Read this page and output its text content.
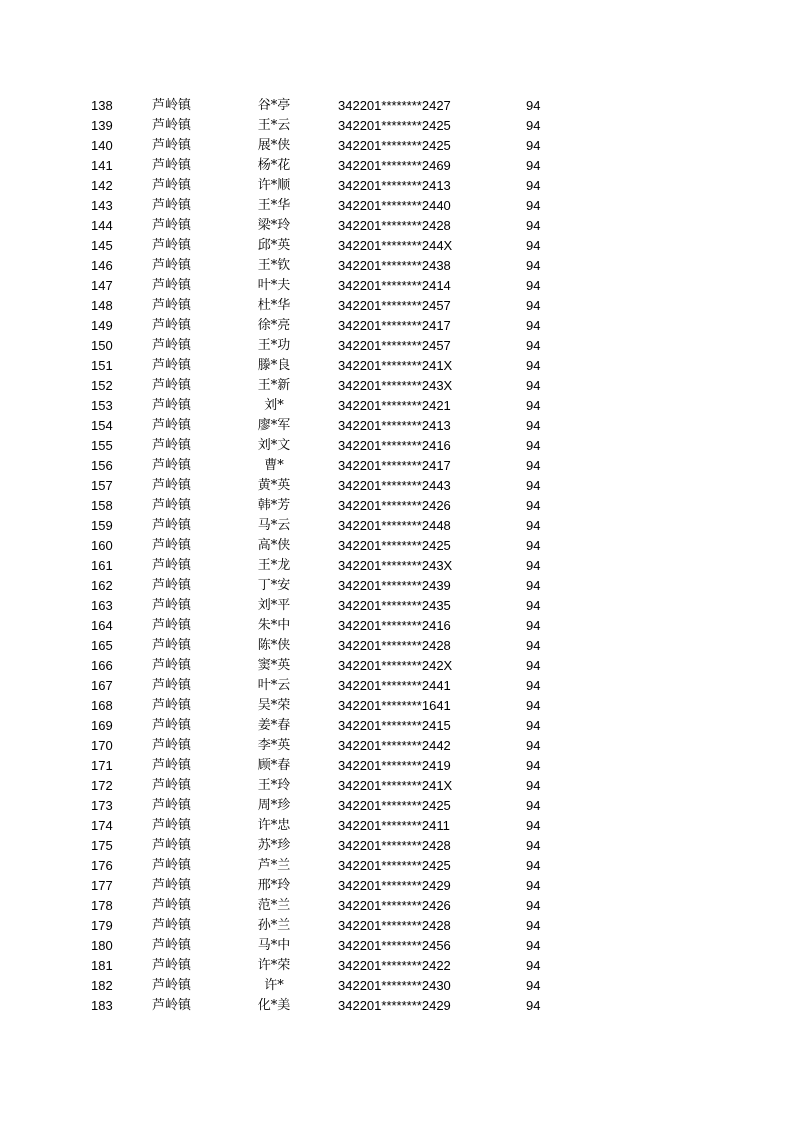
138	芦岭镇	谷*亭	342201********2427	94
139	芦岭镇	王*云	342201********2425	94
140	芦岭镇	展*侠	342201********2425	94
141	芦岭镇	杨*花	342201********2469	94
142	芦岭镇	许*顺	342201********2413	94
143	芦岭镇	王*华	342201********2440	94
144	芦岭镇	梁*玲	342201********2428	94
145	芦岭镇	邱*英	342201********244X	94
146	芦岭镇	王*钦	342201********2438	94
147	芦岭镇	叶*夫	342201********2414	94
148	芦岭镇	杜*华	342201********2457	94
149	芦岭镇	徐*亮	342201********2417	94
150	芦岭镇	王*功	342201********2457	94
151	芦岭镇	滕*良	342201********241X	94
152	芦岭镇	王*新	342201********243X	94
153	芦岭镇	刘*	342201********2421	94
154	芦岭镇	廖*军	342201********2413	94
155	芦岭镇	刘*文	342201********2416	94
156	芦岭镇	曹*	342201********2417	94
157	芦岭镇	黄*英	342201********2443	94
158	芦岭镇	韩*芳	342201********2426	94
159	芦岭镇	马*云	342201********2448	94
160	芦岭镇	高*侠	342201********2425	94
161	芦岭镇	王*龙	342201********243X	94
162	芦岭镇	丁*安	342201********2439	94
163	芦岭镇	刘*平	342201********2435	94
164	芦岭镇	朱*中	342201********2416	94
165	芦岭镇	陈*侠	342201********2428	94
166	芦岭镇	窦*英	342201********242X	94
167	芦岭镇	叶*云	342201********2441	94
168	芦岭镇	吴*荣	342201********1641	94
169	芦岭镇	姜*春	342201********2415	94
170	芦岭镇	李*英	342201********2442	94
171	芦岭镇	顾*春	342201********2419	94
172	芦岭镇	王*玲	342201********241X	94
173	芦岭镇	周*珍	342201********2425	94
174	芦岭镇	许*忠	342201********2411	94
175	芦岭镇	苏*珍	342201********2428	94
176	芦岭镇	芦*兰	342201********2425	94
177	芦岭镇	邢*玲	342201********2429	94
178	芦岭镇	范*兰	342201********2426	94
179	芦岭镇	孙*兰	342201********2428	94
180	芦岭镇	马*中	342201********2456	94
181	芦岭镇	许*荣	342201********2422	94
182	芦岭镇	许*	342201********2430	94
183	芦岭镇	化*美	342201********2429	94
